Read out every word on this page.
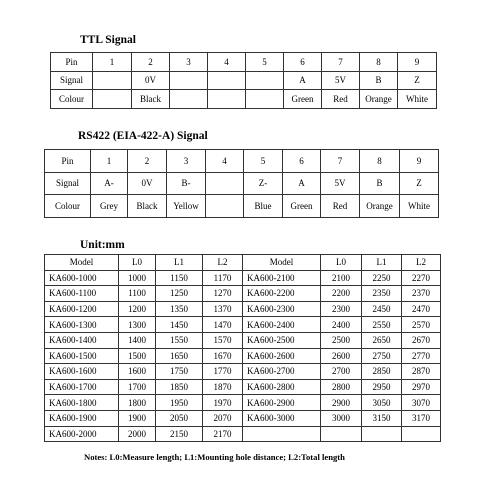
TTL Signal
Pin	1	2	3	4	5	6	7	8	9
Signal		0V				A	5V	B	Z
Colour		Black				Green	Red	Orange	White
RS422 (EIA-422-A) Signal
Pin	1	2	3	4	5	6	7	8	9
Signal	A-	0V	B-		Z-	A	5V	B	Z
Colour	Grey	Black	Yellow		Blue	Green	Red	Orange	White
Unit:mm
Model	L0	L1	L2	Model	L0	L1	L2
KA600-1000	1000	1150	1170	KA600-2100	2100	2250	2270
KA600-1100	1100	1250	1270	KA600-2200	2200	2350	2370
KA600-1200	1200	1350	1370	KA600-2300	2300	2450	2470
KA600-1300	1300	1450	1470	KA600-2400	2400	2550	2570
KA600-1400	1400	1550	1570	KA600-2500	2500	2650	2670
KA600-1500	1500	1650	1670	KA600-2600	2600	2750	2770
KA600-1600	1600	1750	1770	KA600-2700	2700	2850	2870
KA600-1700	1700	1850	1870	KA600-2800	2800	2950	2970
KA600-1800	1800	1950	1970	KA600-2900	2900	3050	3070
KA600-1900	1900	2050	2070	KA600-3000	3000	3150	3170
KA600-2000	2000	2150	2170				
Notes: L0:Measure length; L1:Mounting hole distance; L2:Total length
